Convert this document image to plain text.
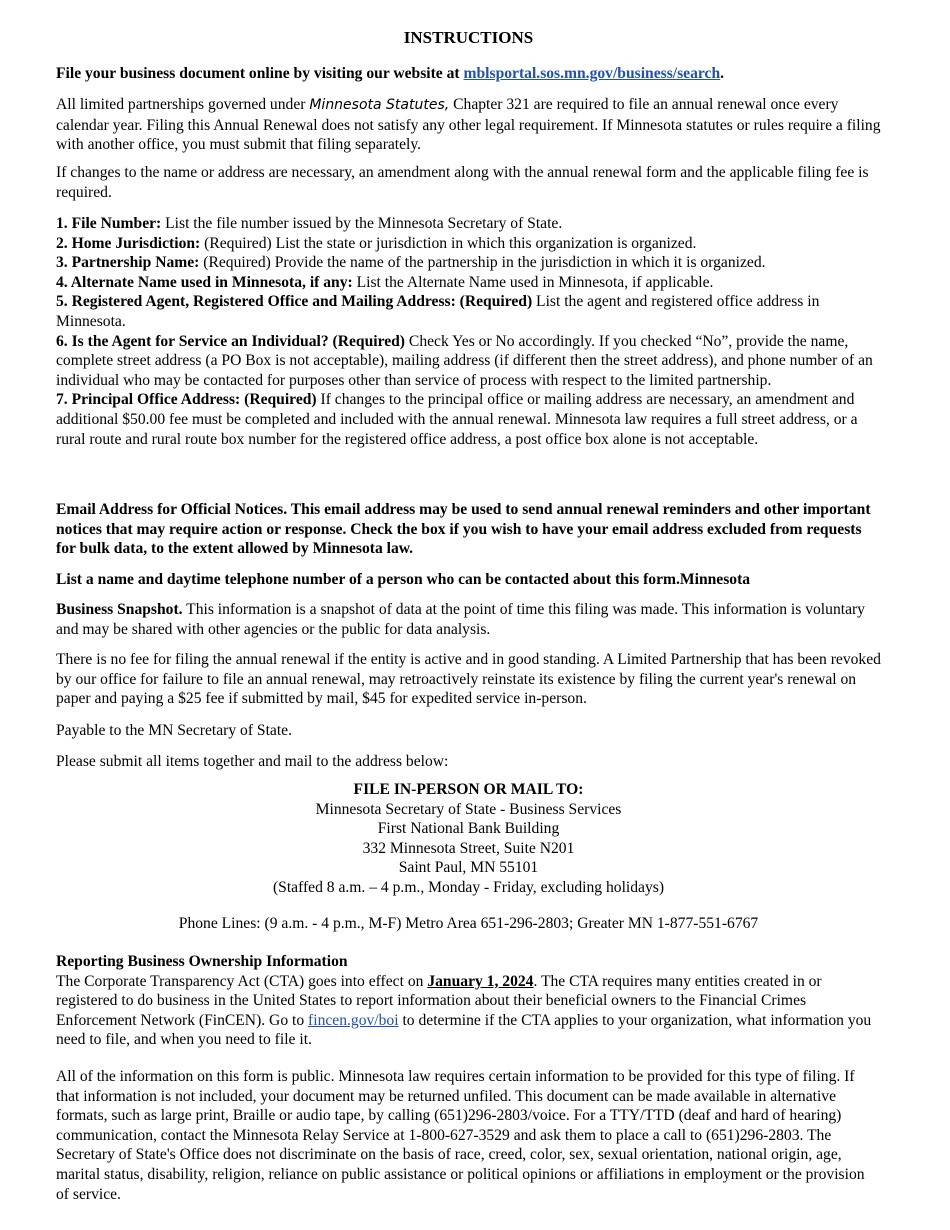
INSTRUCTIONS

File your business document online by visiting our website at mblsportal.sos.mn.gov/business/search.

All limited partnerships governed under Minnesota Statutes, Chapter 321 are required to file an annual renewal once every calendar year. Filing this Annual Renewal does not satisfy any other legal requirement. If Minnesota statutes or rules require a filing with another office, you must submit that filing separately.

If changes to the name or address are necessary, an amendment along with the annual renewal form and the applicable filing fee is required.

1. File Number: List the file number issued by the Minnesota Secretary of State.
2. Home Jurisdiction: (Required) List the state or jurisdiction in which this organization is organized.
3. Partnership Name: (Required) Provide the name of the partnership in the jurisdiction in which it is organized.
4. Alternate Name used in Minnesota, if any: List the Alternate Name used in Minnesota, if applicable.
5. Registered Agent, Registered Office and Mailing Address: (Required) List the agent and registered office address in Minnesota.
6. Is the Agent for Service an Individual? (Required) Check Yes or No accordingly. If you checked “No”, provide the name, complete street address (a PO Box is not acceptable), mailing address (if different then the street address), and phone number of an individual who may be contacted for purposes other than service of process with respect to the limited partnership.
7. Principal Office Address: (Required) If changes to the principal office or mailing address are necessary, an amendment and additional $50.00 fee must be completed and included with the annual renewal. Minnesota law requires a full street address, or a rural route and rural route box number for the registered office address, a post office box alone is not acceptable.

Email Address for Official Notices. This email address may be used to send annual renewal reminders and other important notices that may require action or response. Check the box if you wish to have your email address excluded from requests for bulk data, to the extent allowed by Minnesota law.

List a name and daytime telephone number of a person who can be contacted about this form.Minnesota

Business Snapshot. This information is a snapshot of data at the point of time this filing was made. This information is voluntary and may be shared with other agencies or the public for data analysis.

There is no fee for filing the annual renewal if the entity is active and in good standing. A Limited Partnership that has been revoked by our office for failure to file an annual renewal, may retroactively reinstate its existence by filing the current year's renewal on paper and paying a $25 fee if submitted by mail, $45 for expedited service in-person.

Payable to the MN Secretary of State.

Please submit all items together and mail to the address below:

FILE IN-PERSON OR MAIL TO:
Minnesota Secretary of State - Business Services
First National Bank Building
332 Minnesota Street, Suite N201
Saint Paul, MN 55101
(Staffed 8 a.m. – 4 p.m., Monday - Friday, excluding holidays)

Phone Lines: (9 a.m. - 4 p.m., M-F) Metro Area 651-296-2803; Greater MN 1-877-551-6767

Reporting Business Ownership Information
The Corporate Transparency Act (CTA) goes into effect on January 1, 2024. The CTA requires many entities created in or registered to do business in the United States to report information about their beneficial owners to the Financial Crimes Enforcement Network (FinCEN). Go to fincen.gov/boi to determine if the CTA applies to your organization, what information you need to file, and when you need to file it.

All of the information on this form is public. Minnesota law requires certain information to be provided for this type of filing. If that information is not included, your document may be returned unfiled. This document can be made available in alternative formats, such as large print, Braille or audio tape, by calling (651)296-2803/voice. For a TTY/TTD (deaf and hard of hearing) communication, contact the Minnesota Relay Service at 1-800-627-3529 and ask them to place a call to (651)296-2803. The Secretary of State's Office does not discriminate on the basis of race, creed, color, sex, sexual orientation, national origin, age, marital status, disability, religion, reliance on public assistance or political opinions or affiliations in employment or the provision of service.
